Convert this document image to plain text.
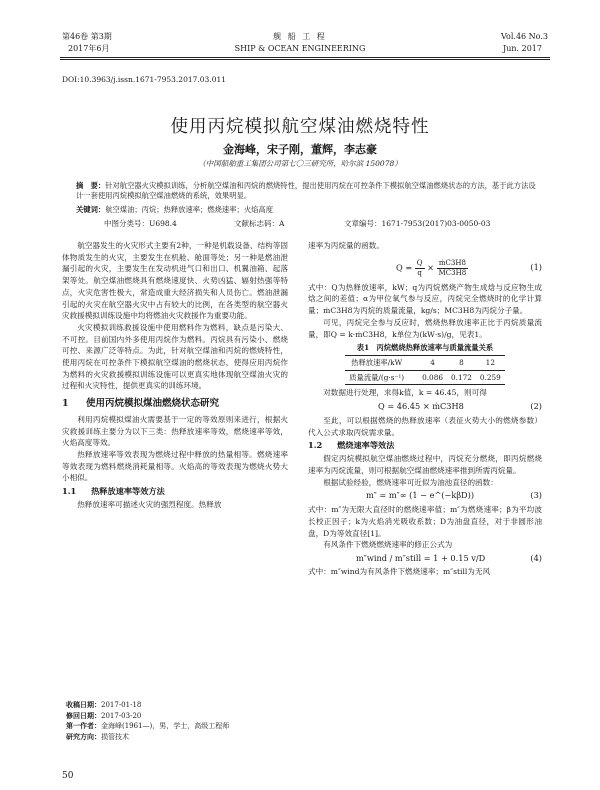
第46卷 第3期
2017年6月
舰 船 工 程
SHIP & OCEAN ENGINEERING
Vol.46 No.3
Jun. 2017
DOI:10.3963/j.issn.1671-7953.2017.03.011
使用丙烷模拟航空煤油燃烧特性
金海峰，宋子刚，董辉，李志豪
（中国船舶重工集团公司第七〇三研究所，哈尔滨 150078）
摘　要：针对航空器火灾模拟训练，分析航空煤油和丙烷的燃烧特性，提出使用丙烷在可控条件下模拟航空煤油燃烧状态的方法，基于此方法设计一套使用丙烷模拟航空煤油燃烧的系统，效果明显。
关键词：航空煤油；丙烷；热释放速率；燃烧速率；火焰高度
中图分类号：U698.4	文献标志码：A	文章编号：1671-7953(2017)03-0050-03

航空器发生的火灾形式主要有2种，一种是机载设备、结构等固体物质发生的火灾，主要发生在机舱、舱面等处；另一种是燃油泄漏引起的火灾，主要发生在发动机进气口和出口、机翼油箱、起落架等处。航空煤油燃烧具有燃烧速度快、火势凶猛、辐射热强等特点，火灾危害性极大，常造成重大经济损失和人员伤亡。燃油泄漏引起的火灾在航空器火灾中占有较大的比例，在各类型的航空器火灾救援模拟训练设施中均将燃油火灾救援作为重要功能。

火灾模拟训练救援设施中使用燃料作为燃料，缺点是污染大、不可控。目前国内外多使用丙烷作为燃料。丙烷具有污染小、燃烧可控、来源广泛等特点。为此，针对航空煤油和丙烷的燃烧特性，使用丙烷在可控条件下模拟航空煤油的燃烧状态，使得应用丙烷作为燃料的火灾救援模拟训练设施可以更真实地体现航空煤油火灾的过程和火灾特性，提供更真实的训练环境。

1 使用丙烷模拟煤油燃烧状态研究

利用丙烷模拟煤油火需要基于一定的等效原则来进行，根据火灾救援训练主要分为以下三类：热释放速率等效，燃烧速率等效，火焰高度等效。

热释放速率等效表现为燃烧过程中释放的热量相等。燃烧速率等效表现为燃料燃烧消耗量相等。火焰高的等效表现为燃烧火势大小相似。

1.1 热释放速率等效方法

热释放速率可描述火灾的强烈程度。热释放

速率为丙烷量的函数。

$Q = \frac{Q}{q} \times \frac{\text{ṁC3H8}}{MC3H8}$	(1)

式中：Q为热释放速率，kW；q为丙烷燃烧产物生成焓与反应物生成焓之间的差值；α为甲位氧气参与反应，丙烷完全燃烧时的化学计算量；ṁC3H8为丙烷的质量流量，kg/s；MC3H8为丙烷分子量。

可见，丙烷完全参与反应时，燃烧热释放速率正比于丙烷质量流量，即Q = k·ṁC3H8，k单位为(kW·s)/g，见表1。

表1　丙烷燃烧热释放速率与质量流量关系
热释放速率/kW	4	8	12
质量流量/(g·s⁻¹)	0.086	0.172	0.259

对数据进行处理，求得k值，k = 46.45，则可得

Q = 46.45 × ṁC3H8	(2)

至此，可以根据燃烧的热释放速率（表征火势大小的燃烧参数）代入公式求取丙烷需求量。

1.2 燃烧速率等效法

假定丙烷模拟航空煤油燃烧过程中，丙烷充分燃烧，即丙烷燃烧速率为丙烷流量，则可根据航空煤油燃烧速率推到所需丙烷量。

根据试验经验，燃烧速率可近似为油池直径的函数：

m″ = m″∞ (1 − e^(−kβD))	(3)

式中：m″为无限大直径时的燃烧速率值；m″为燃烧速率；β为平均波长校正因子；k为火焰消光吸收系数；D为油盘直径，对于非圆形油盘，D为等效直径[1]。

有风条件下燃烧燃烧速率的修正公式为

m″wind / m″still = 1 + 0.15 v/D	(4)

式中：m″wind为有风条件下燃烧速率；m″still为无风

收稿日期：2017-01-18
修回日期：2017-03-20
第一作者：金海峰(1961—)，男，学士，高级工程师
研究方向：损管技术
50
